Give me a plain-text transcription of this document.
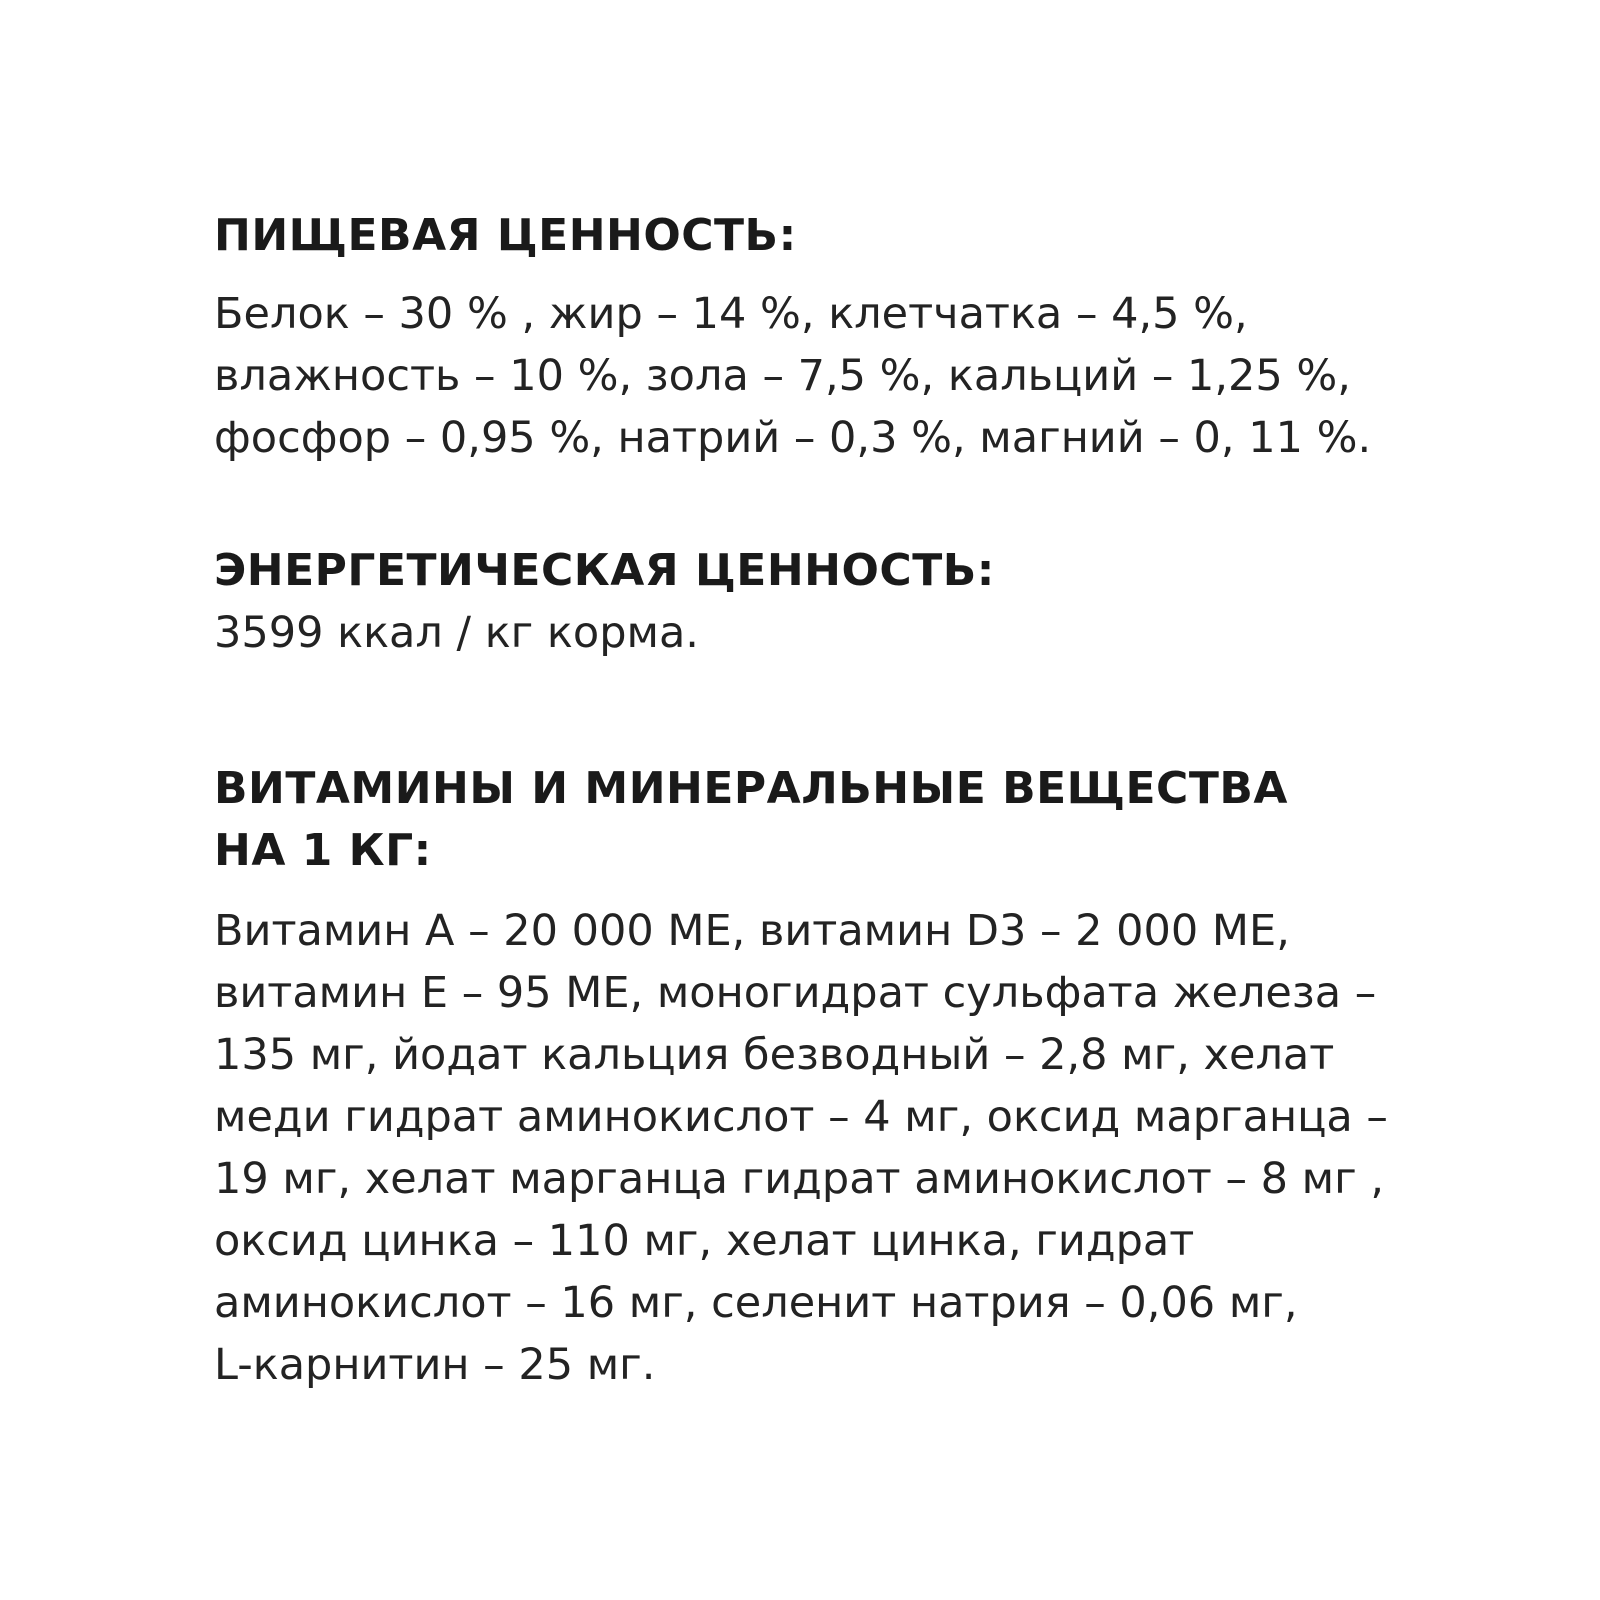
ПИЩЕВАЯ ЦЕННОСТЬ:

Белок – 30 % , жир – 14 %, клетчатка – 4,5 %,
влажность – 10 %, зола – 7,5 %, кальций – 1,25 %,
фосфор – 0,95 %, натрий – 0,3 %, магний – 0, 11 %.

ЭНЕРГЕТИЧЕСКАЯ ЦЕННОСТЬ:

3599 ккал / кг корма.

ВИТАМИНЫ И МИНЕРАЛЬНЫЕ ВЕЩЕСТВА
НА 1 КГ:

Витамин А – 20 000 МЕ, витамин D3 – 2 000 МЕ,
витамин Е – 95 МЕ, моногидрат сульфата железа –
135 мг, йодат кальция безводный – 2,8 мг, хелат
меди гидрат аминокислот – 4 мг, оксид марганца –
19 мг, хелат марганца гидрат аминокислот – 8 мг ,
оксид цинка – 110 мг, хелат цинка, гидрат
аминокислот – 16 мг, селенит натрия – 0,06 мг,
L-карнитин – 25 мг.
